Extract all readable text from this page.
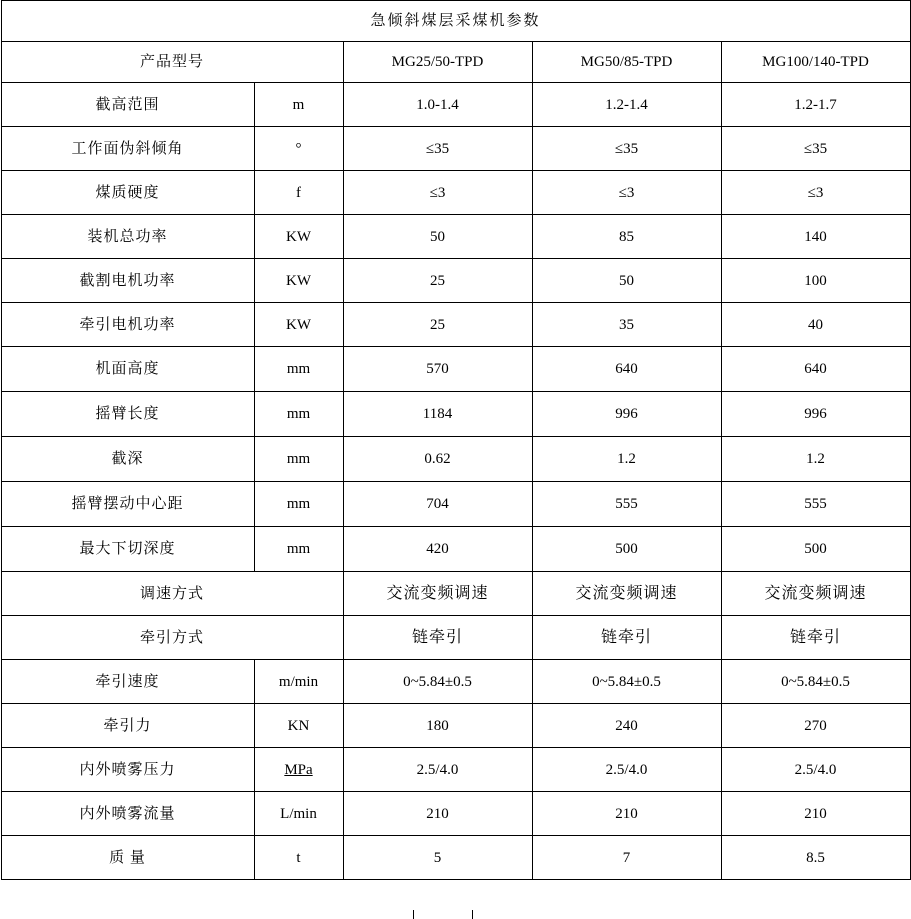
急倾斜煤层采煤机参数				
产品型号		MG25/50-TPD	MG50/85-TPD	MG100/140-TPD
截高范围	m	1.0-1.4	1.2-1.4	1.2-1.7
工作面伪斜倾角	°	≤35	≤35	≤35
煤质硬度	f	≤3	≤3	≤3
装机总功率	KW	50	85	140
截割电机功率	KW	25	50	100
牵引电机功率	KW	25	35	40
机面高度	mm	570	640	640
摇臂长度	mm	1184	996	996
截深	mm	0.62	1.2	1.2
摇臂摆动中心距	mm	704	555	555
最大下切深度	mm	420	500	500
调速方式		交流变频调速	交流变频调速	交流变频调速
牵引方式		链牵引	链牵引	链牵引
牵引速度	m/min	0~5.84±0.5	0~5.84±0.5	0~5.84±0.5
牵引力	KN	180	240	270
内外喷雾压力	MPa	2.5/4.0	2.5/4.0	2.5/4.0
内外喷雾流量	L/min	210	210	210
质 量	t	5	7	8.5
